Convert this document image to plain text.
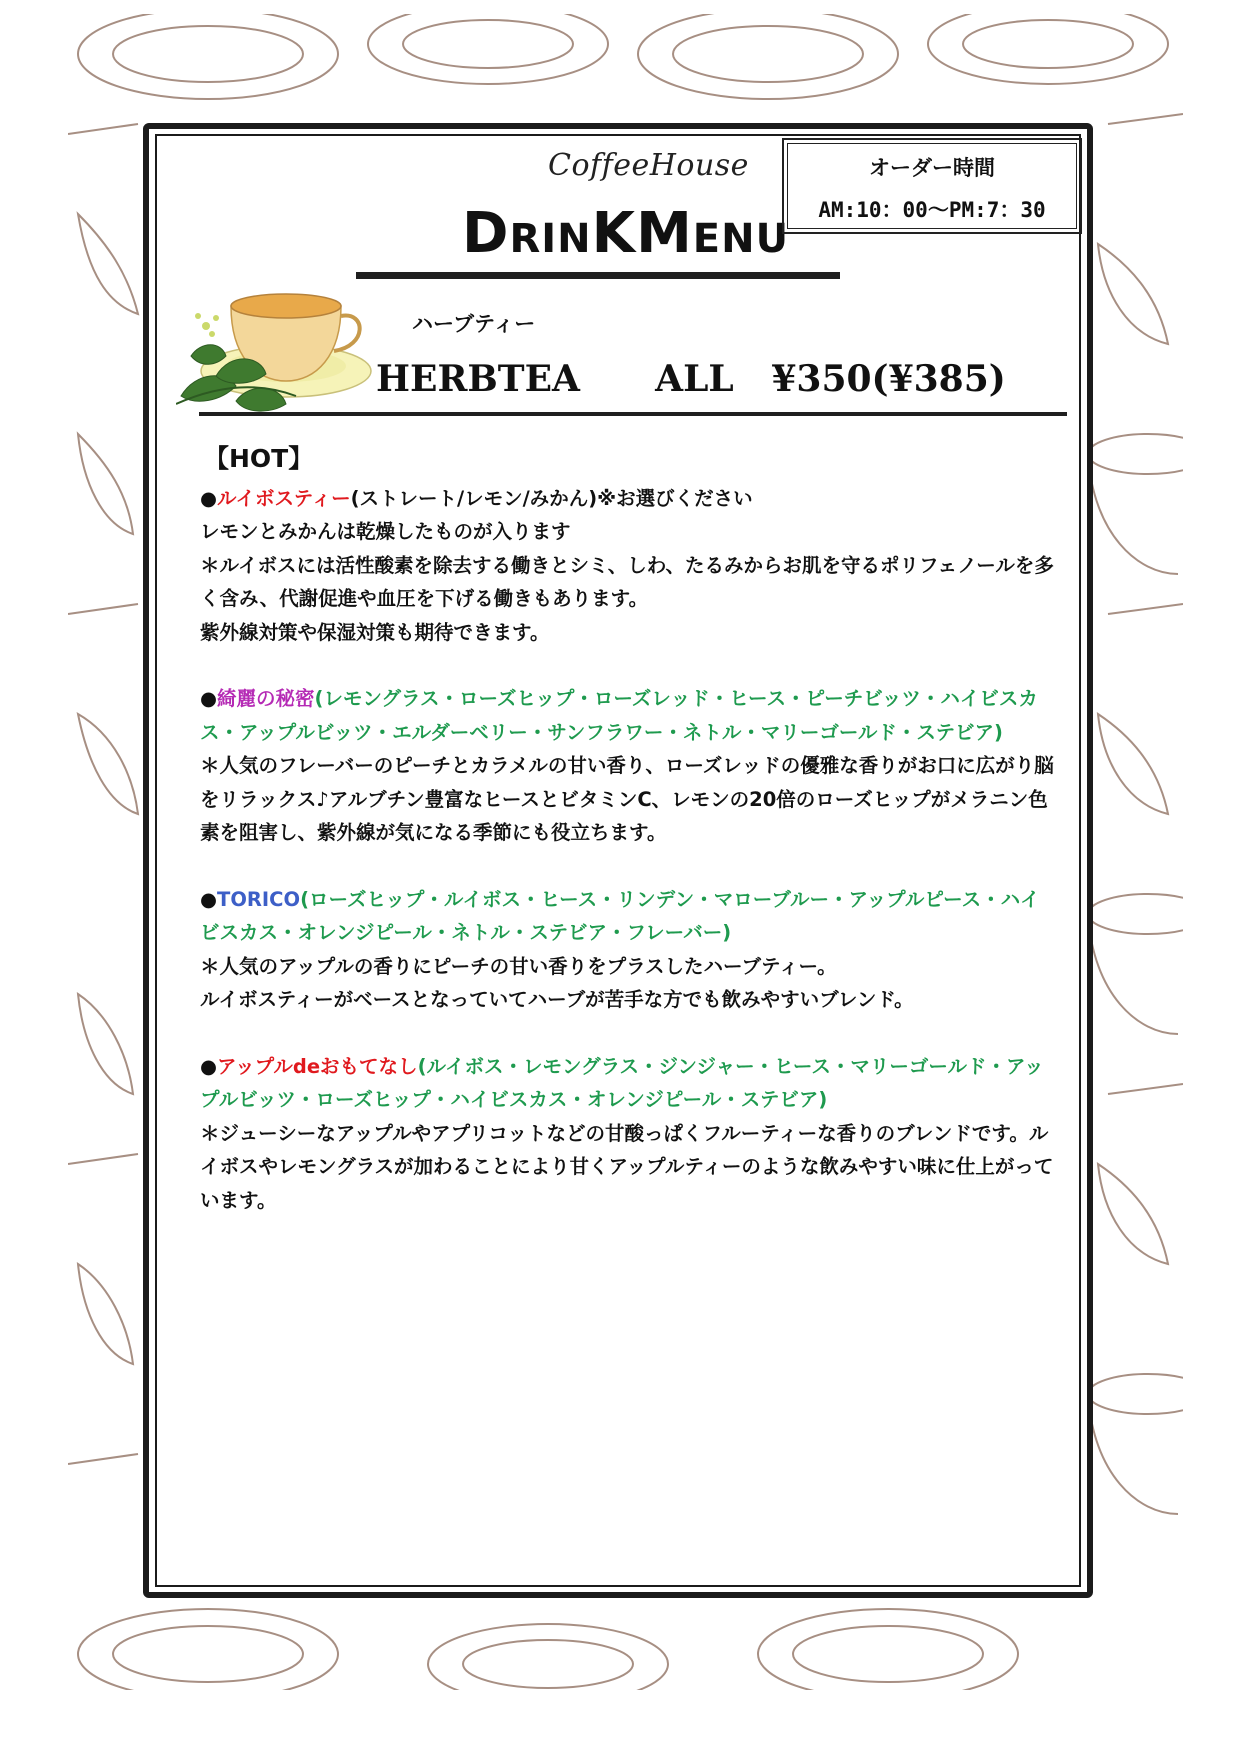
CoffeeHouse
DRINKMENU
オーダー時間
AM:10：00〜PM:7：30
ハーブティー
HERBTEA ALL ¥350(¥385)
【HOT】

●ルイボスティー(ストレート/レモン/みかん)※お選びください

レモンとみかんは乾燥したものが入ります

＊ルイボスには活性酸素を除去する働きとシミ、しわ、たるみからお肌を守るポリフェノールを多く含み、代謝促進や血圧を下げる働きもあります。

紫外線対策や保湿対策も期待できます。

●綺麗の秘密(レモングラス・ローズヒップ・ローズレッド・ヒース・ピーチビッツ・ハイビスカス・アップルビッツ・エルダーベリー・サンフラワー・ネトル・マリーゴールド・ステビア)

＊人気のフレーバーのピーチとカラメルの甘い香り、ローズレッドの優雅な香りがお口に広がり脳をリラックス♪アルブチン豊富なヒースとビタミンC、レモンの20倍のローズヒップがメラニン色素を阻害し、紫外線が気になる季節にも役立ちます。

●TORICO(ローズヒップ・ルイボス・ヒース・リンデン・マローブルー・アップルピース・ハイビスカス・オレンジピール・ネトル・ステビア・フレーバー)

＊人気のアップルの香りにピーチの甘い香りをプラスしたハーブティー。

ルイボスティーがベースとなっていてハーブが苦手な方でも飲みやすいブレンド。

●アップルdeおもてなし(ルイボス・レモングラス・ジンジャー・ヒース・マリーゴールド・アップルビッツ・ローズヒップ・ハイビスカス・オレンジピール・ステビア)

＊ジューシーなアップルやアプリコットなどの甘酸っぱくフルーティーな香りのブレンドです。ルイボスやレモングラスが加わることにより甘くアップルティーのような飲みやすい味に仕上がっています。
